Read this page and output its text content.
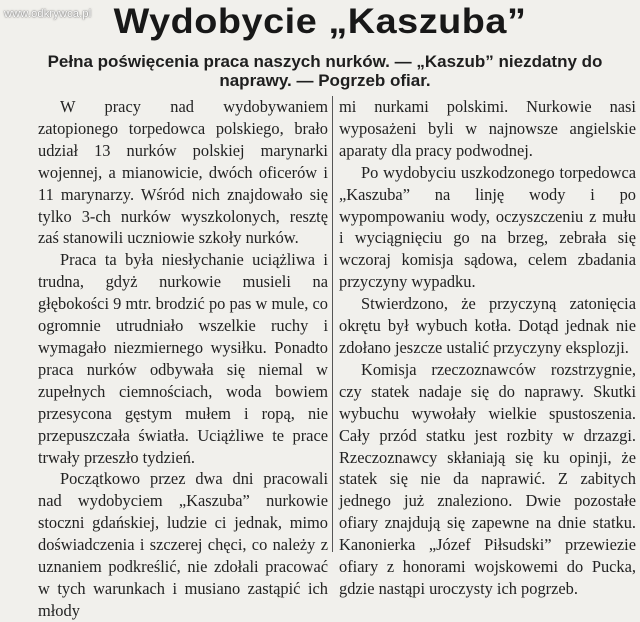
www.odkrywca.pl Wydobycie „Kaszuba”
Pełna poświęcenia praca naszych nurków. — „Kaszub” niezdatny do naprawy. — Pogrzeb ofiar.

W pracy nad wydobywaniem zatopionego torpedowca polskiego, brało udział 13 nurków polskiej marynarki wojennej, a mianowicie, dwóch oficerów i 11 marynarzy. Wśród nich znajdowało się tylko 3-ch nurków wyszkolonych, resztę zaś stanowili uczniowie szkoły nurków.

Praca ta była niesłychanie uciążliwa i trudna, gdyż nurkowie musieli na głębokości 9 mtr. brodzić po pas w mule, co ogromnie utrudniało wszelkie ruchy i wymagało niezmiernego wysiłku. Ponadto praca nurków odbywała się niemal w zupełnych ciemnościach, woda bowiem przesycona gęstym mułem i ropą, nie przepuszczała światła. Uciążliwe te prace trwały przeszło tydzień.

Początkowo przez dwa dni pracowali nad wydobyciem „Kaszuba” nurkowie stoczni gdańskiej, ludzie ci jednak, mimo doświadczenia i szczerej chęci, co należy z uznaniem podkreślić, nie zdołali pracować w tych warunkach i musiano zastąpić ich młody

mi nurkami polskimi. Nurkowie nasi wyposażeni byli w najnowsze angielskie aparaty dla pracy podwodnej.

Po wydobyciu uszkodzonego torpedowca „Kaszuba” na linję wody i po wypompowaniu wody, oczyszczeniu z mułu i wyciągnięciu go na brzeg, zebrała się wczoraj komisja sądowa, celem zbadania przyczyny wypadku.

Stwierdzono, że przyczyną zatonięcia okrętu był wybuch kotła. Dotąd jednak nie zdołano jeszcze ustalić przyczyny eksplozji.

Komisja rzeczoznawców rozstrzygnie, czy statek nadaje się do naprawy. Skutki wybuchu wywołały wielkie spustoszenia. Cały przód statku jest rozbity w drzazgi. Rzeczoznawcy skłaniają się ku opinji, że statek się nie da naprawić. Z zabitych jednego już znaleziono. Dwie pozostałe ofiary znajdują się zapewne na dnie statku. Kanonierka „Józef Piłsudski” przewiezie ofiary z honorami wojskowemi do Pucka, gdzie nastąpi uroczysty ich pogrzeb.
